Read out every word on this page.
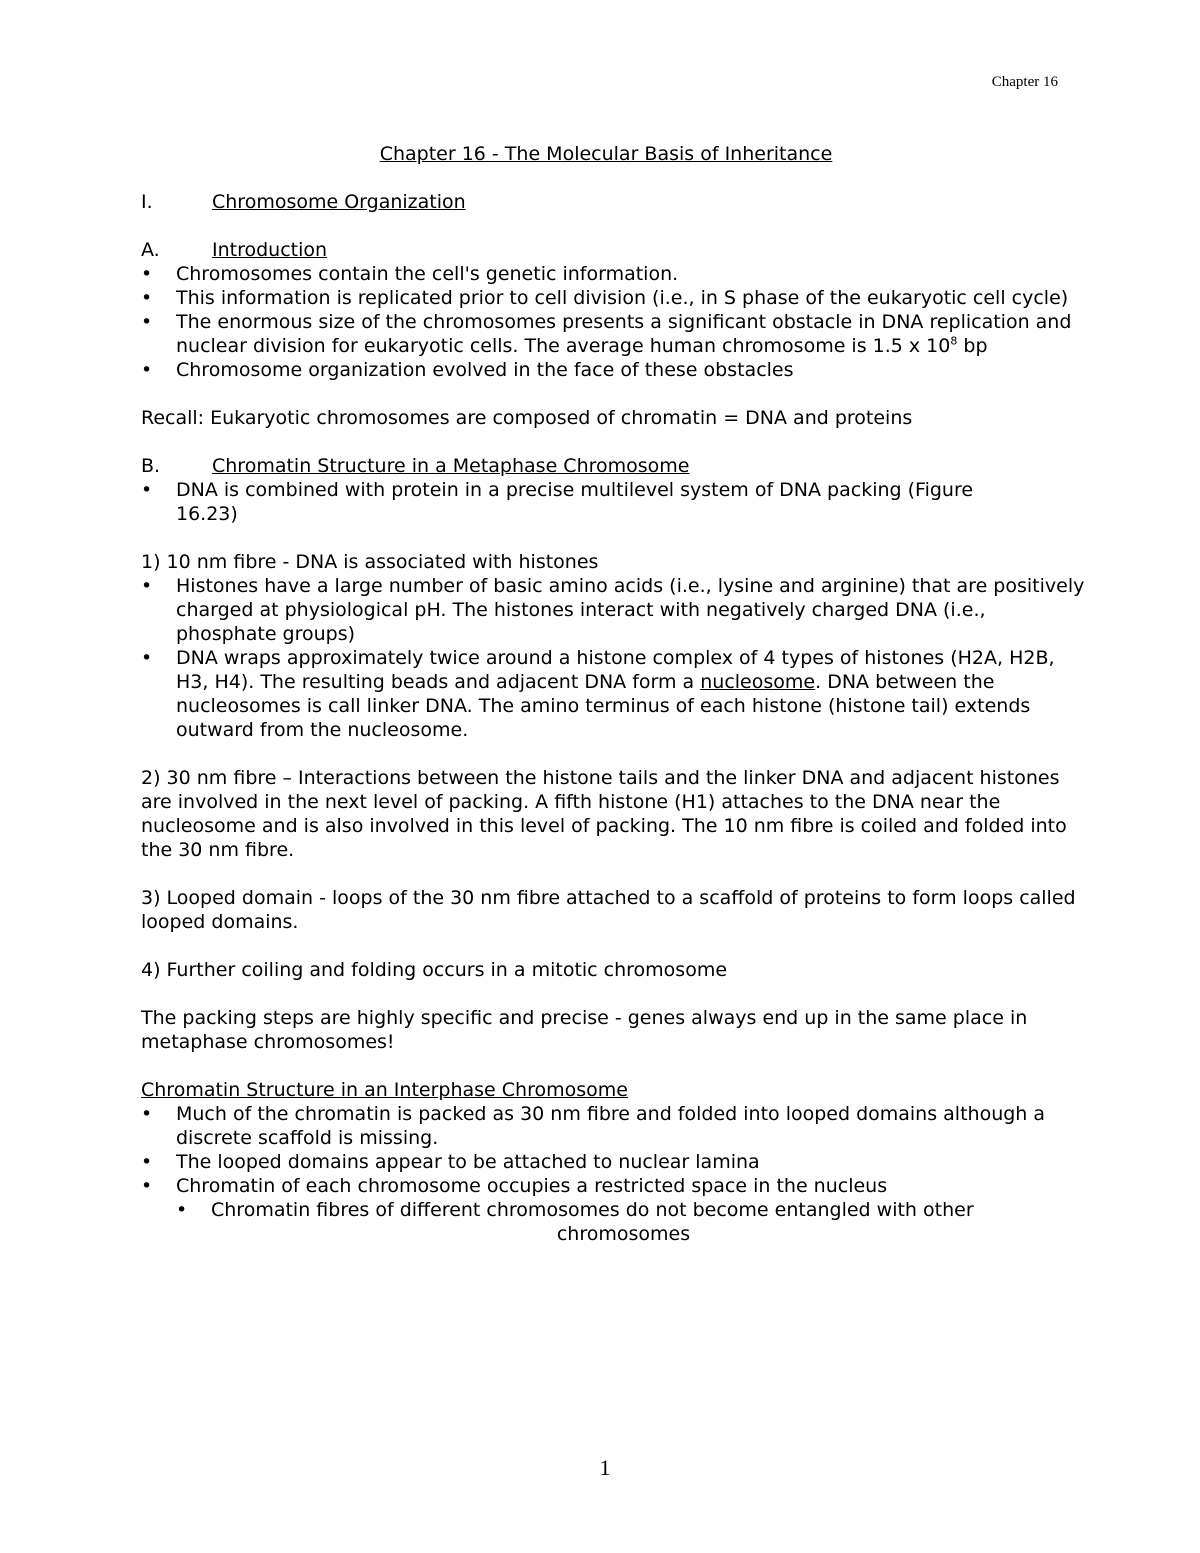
Chapter 16
Chapter 16 - The Molecular Basis of Inheritance
I.	Chromosome Organization
A.	Introduction
• Chromosomes contain the cell's genetic information.
• This information is replicated prior to cell division (i.e., in S phase of the eukaryotic cell cycle)
• The enormous size of the chromosomes presents a significant obstacle in DNA replication and nuclear division for eukaryotic cells. The average human chromosome is 1.5 x $10^8$ bp
• Chromosome organization evolved in the face of these obstacles

Recall: Eukaryotic chromosomes are composed of chromatin = DNA and proteins

B.	Chromatin Structure in a Metaphase Chromosome
• DNA is combined with protein in a precise multilevel system of DNA packing (Figure 16.23)

1) 10 nm fibre - DNA is associated with histones

• Histones have a large number of basic amino acids (i.e., lysine and arginine) that are positively charged at physiological pH. The histones interact with negatively charged DNA (i.e., phosphate groups)
• DNA wraps approximately twice around a histone complex of 4 types of histones (H2A, H2B, H3, H4). The resulting beads and adjacent DNA form a nucleosome. DNA between the nucleosomes is call linker DNA. The amino terminus of each histone (histone tail) extends outward from the nucleosome.

2) 30 nm fibre – Interactions between the histone tails and the linker DNA and adjacent histones are involved in the next level of packing. A fifth histone (H1) attaches to the DNA near the nucleosome and is also involved in this level of packing. The 10 nm fibre is coiled and folded into the 30 nm fibre.

3) Looped domain - loops of the 30 nm fibre attached to a scaffold of proteins to form loops called looped domains.

4) Further coiling and folding occurs in a mitotic chromosome

The packing steps are highly specific and precise - genes always end up in the same place in metaphase chromosomes!

Chromatin Structure in an Interphase Chromosome

• Much of the chromatin is packed as 30 nm fibre and folded into looped domains although a discrete scaffold is missing.
• The looped domains appear to be attached to nuclear lamina
• Chromatin of each chromosome occupies a restricted space in the nucleus
• Chromatin fibres of different chromosomes do not become entangled with other
chromosomes
1
